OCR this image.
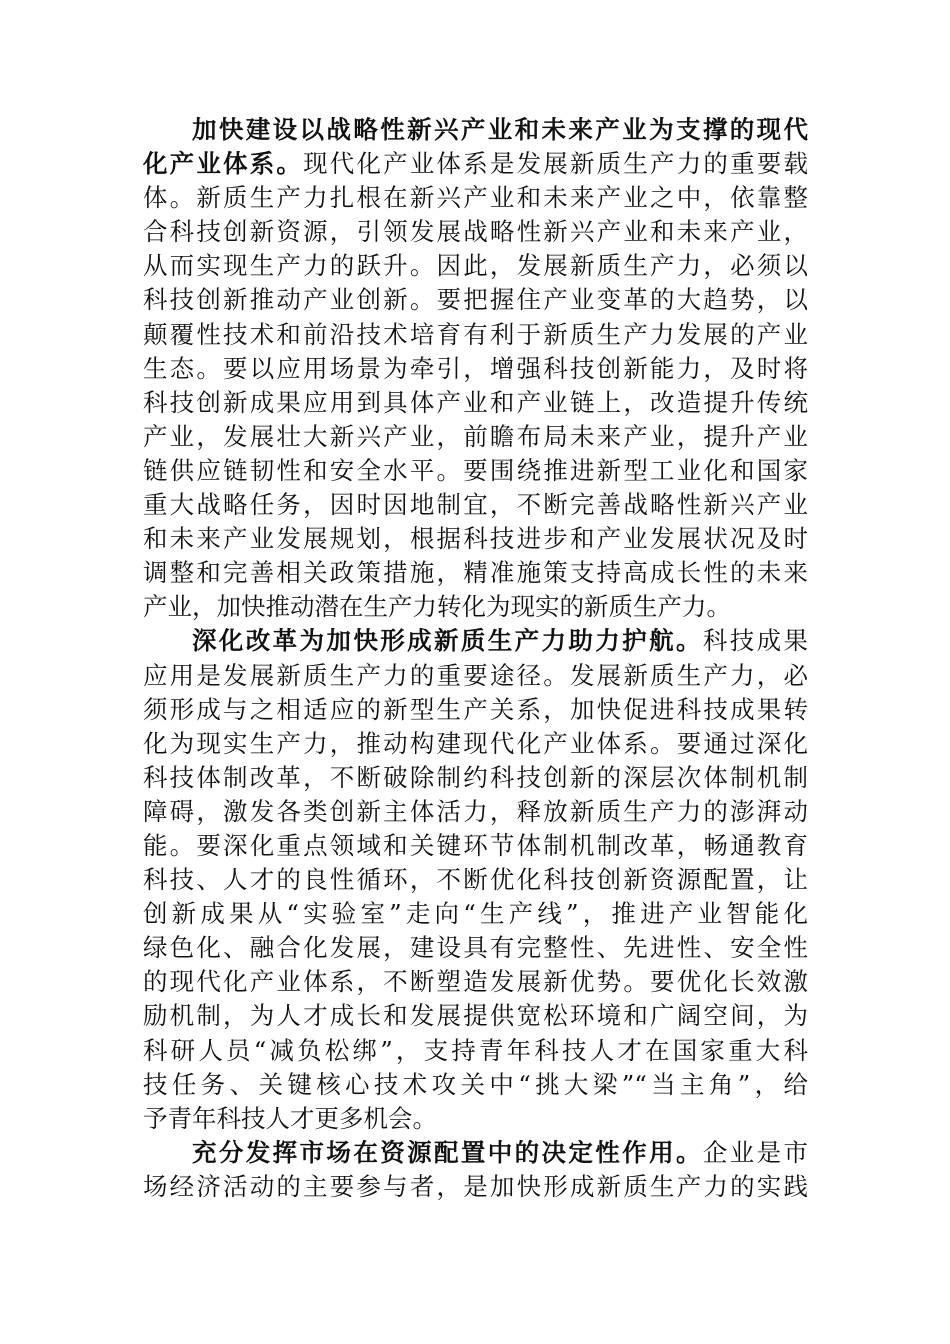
加快建设以战略性新兴产业和未来产业为支撑的现代
化产业体系。现代化产业体系是发展新质生产力的重要载
体。新质生产力扎根在新兴产业和未来产业之中，依靠整
合科技创新资源，引领发展战略性新兴产业和未来产业，
从而实现生产力的跃升。因此，发展新质生产力，必须以
科技创新推动产业创新。要把握住产业变革的大趋势，以
颠覆性技术和前沿技术培育有利于新质生产力发展的产业
生态。要以应用场景为牵引，增强科技创新能力，及时将
科技创新成果应用到具体产业和产业链上，改造提升传统
产业，发展壮大新兴产业，前瞻布局未来产业，提升产业
链供应链韧性和安全水平。要围绕推进新型工业化和国家
重大战略任务，因时因地制宜，不断完善战略性新兴产业
和未来产业发展规划，根据科技进步和产业发展状况及时
调整和完善相关政策措施，精准施策支持高成长性的未来
产业，加快推动潜在生产力转化为现实的新质生产力。
深化改革为加快形成新质生产力助力护航。科技成果
应用是发展新质生产力的重要途径。发展新质生产力，必
须形成与之相适应的新型生产关系，加快促进科技成果转
化为现实生产力，推动构建现代化产业体系。要通过深化
科技体制改革，不断破除制约科技创新的深层次体制机制
障碍，激发各类创新主体活力，释放新质生产力的澎湃动
能。要深化重点领域和关键环节体制机制改革，畅通教育
科技、人才的良性循环，不断优化科技创新资源配置，让
创新成果从“实验室”走向“生产线”，推进产业智能化
绿色化、融合化发展，建设具有完整性、先进性、安全性
的现代化产业体系，不断塑造发展新优势。要优化长效激
励机制，为人才成长和发展提供宽松环境和广阔空间，为
科研人员“减负松绑”，支持青年科技人才在国家重大科
技任务、关键核心技术攻关中“挑大梁”“当主角”，给
予青年科技人才更多机会。
充分发挥市场在资源配置中的决定性作用。企业是市
场经济活动的主要参与者，是加快形成新质生产力的实践
